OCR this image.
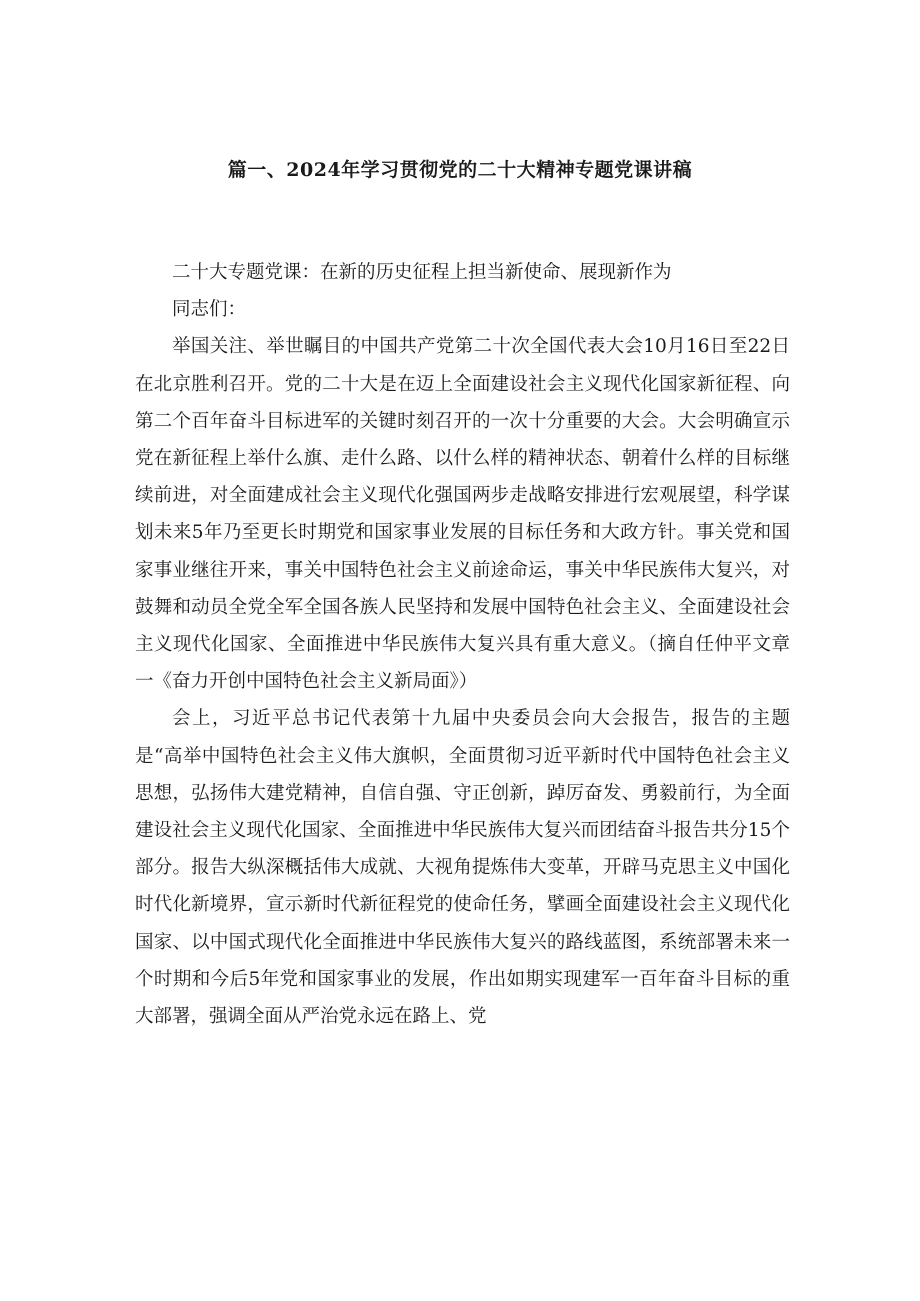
篇一、2024年学习贯彻党的二十大精神专题党课讲稿

二十大专题党课：在新的历史征程上担当新使命、展现新作为

同志们：

举国关注、举世瞩目的中国共产党第二十次全国代表大会10月16日至22日在北京胜利召开。党的二十大是在迈上全面建设社会主义现代化国家新征程、向第二个百年奋斗目标进军的关键时刻召开的一次十分重要的大会。大会明确宣示党在新征程上举什么旗、走什么路、以什么样的精神状态、朝着什么样的目标继续前进，对全面建成社会主义现代化强国两步走战略安排进行宏观展望，科学谋划未来5年乃至更长时期党和国家事业发展的目标任务和大政方针。事关党和国家事业继往开来，事关中国特色社会主义前途命运，事关中华民族伟大复兴，对鼓舞和动员全党全军全国各族人民坚持和发展中国特色社会主义、全面建设社会主义现代化国家、全面推进中华民族伟大复兴具有重大意义。（摘自任仲平文章一《奋力开创中国特色社会主义新局面》）

会上，习近平总书记代表第十九届中央委员会向大会报告，报告的主题是“高举中国特色社会主义伟大旗帜，全面贯彻习近平新时代中国特色社会主义思想，弘扬伟大建党精神，自信自强、守正创新，踔厉奋发、勇毅前行，为全面建设社会主义现代化国家、全面推进中华民族伟大复兴而团结奋斗报告共分15个部分。报告大纵深概括伟大成就、大视角提炼伟大变革，开辟马克思主义中国化时代化新境界，宣示新时代新征程党的使命任务，擘画全面建设社会主义现代化国家、以中国式现代化全面推进中华民族伟大复兴的路线蓝图，系统部署未来一个时期和今后5年党和国家事业的发展，作出如期实现建军一百年奋斗目标的重大部署，强调全面从严治党永远在路上、党
